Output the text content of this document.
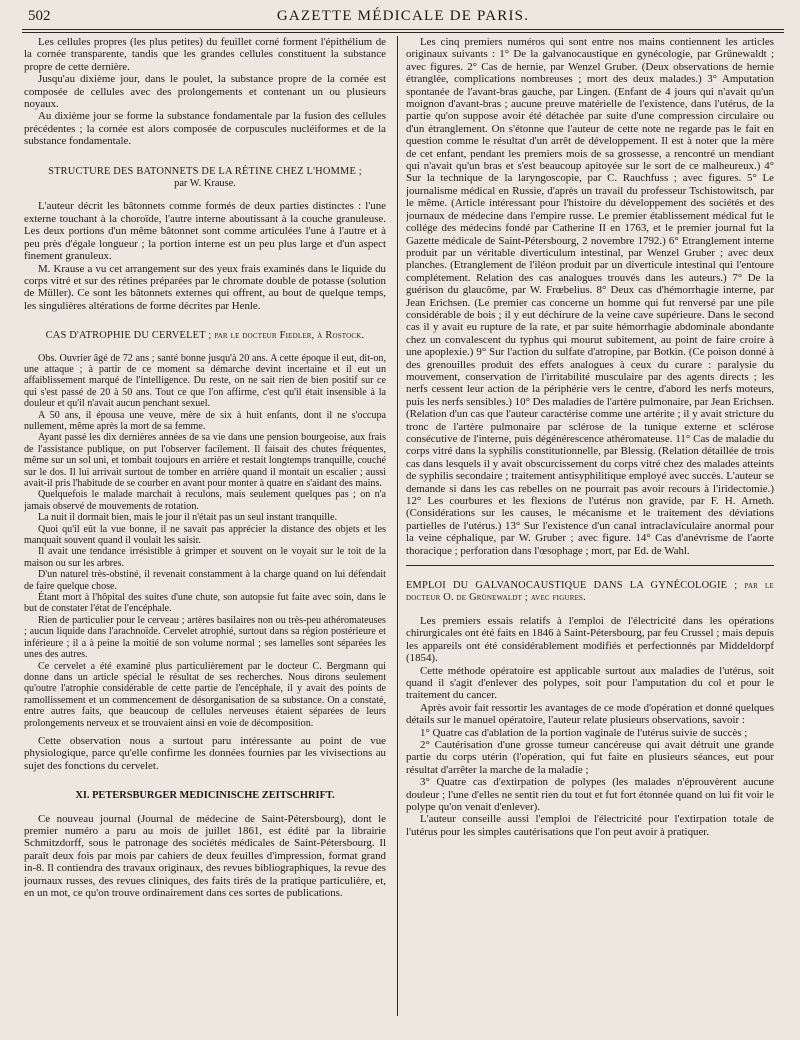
502	GAZETTE MÉDICALE DE PARIS.

Les cellules propres (les plus petites) du feuillet corné forment l'épithélium de la cornée transparente, tandis que les grandes cellules constituent la substance propre de cette dernière.

Jusqu'au dixième jour, dans le poulet, la substance propre de la cornée est composée de cellules avec des prolongements et contenant un ou plusieurs noyaux.

Au dixième jour se forme la substance fondamentale par la fusion des cellules précédentes ; la cornée est alors composée de corpuscules nucléiformes et de la substance fondamentale.

STRUCTURE DES BATONNETS DE LA RÉTINE CHEZ L'HOMME ;
par W. Krause.

L'auteur décrit les bâtonnets comme formés de deux parties distinctes : l'une externe touchant à la choroïde, l'autre interne aboutissant à la couche granuleuse. Les deux portions d'un même bâtonnet sont comme articulées l'une à l'autre et à peu près d'égale longueur ; la portion interne est un peu plus large et d'un aspect finement granuleux.

M. Krause a vu cet arrangement sur des yeux frais examinés dans le liquide du corps vitré et sur des rétines préparées par le chromate double de potasse (solution de Müller). Ce sont les bâtonnets externes qui offrent, au bout de quelque temps, les singulières altérations de forme décrites par Henle.

CAS D'ATROPHIE DU CERVELET ; par le docteur Fiedler, à Rostock.

Obs. Ouvrier âgé de 72 ans ; santé bonne jusqu'à 20 ans. A cette époque il eut, dit-on, une attaque ; à partir de ce moment sa démarche devint incertaine et il eut un affaiblissement marqué de l'intelligence. Du reste, on ne sait rien de bien positif sur ce qui s'est passé de 20 à 50 ans. Tout ce que l'on affirme, c'est qu'il était insensible à la douleur et qu'il n'avait aucun penchant sexuel.

A 50 ans, il épousa une veuve, mère de six à huit enfants, dont il ne s'occupa nullement, même après la mort de sa femme.

Ayant passé les dix dernières années de sa vie dans une pension bourgeoise, aux frais de l'assistance publique, on put l'observer facilement. Il faisait des chutes fréquentes, même sur un sol uni, et tombait toujours en arrière et restait longtemps tranquille, couché sur le dos. Il lui arrivait surtout de tomber en arrière quand il montait un escalier ; aussi avait-il pris l'habitude de se courber en avant pour monter à quatre en s'aidant des mains.

Quelquefois le malade marchait à reculons, mais seulement quelques pas ; on n'a jamais observé de mouvements de rotation.

La nuit il dormait bien, mais le jour il n'était pas un seul instant tranquille.

Quoi qu'il eût la vue bonne, il ne savait pas apprécier la distance des objets et les manquait souvent quand il voulait les saisir.

Il avait une tendance irrésistible à grimper et souvent on le voyait sur le toit de la maison ou sur les arbres.

D'un naturel très-obstiné, il revenait constamment à la charge quand on lui défendait de faire quelque chose.

Étant mort à l'hôpital des suites d'une chute, son autopsie fut faite avec soin, dans le but de constater l'état de l'encéphale.

Rien de particulier pour le cerveau ; artères basilaires non ou très-peu athéromateuses ; aucun liquide dans l'arachnoïde. Cervelet atrophié, surtout dans sa région postérieure et inférieure ; il a à peine la moitié de son volume normal ; ses lamelles sont séparées les unes des autres.

Ce cervelet a été examiné plus particulièrement par le docteur C. Bergmann qui donne dans un article spécial le résultat de ses recherches. Nous dirons seulement qu'outre l'atrophie considérable de cette partie de l'encéphale, il y avait des points de ramollissement et un commencement de désorganisation de sa substance. On a constaté, entre autres faits, que beaucoup de cellules nerveuses étaient séparées de leurs prolongements nerveux et se trouvaient ainsi en voie de décomposition.

Cette observation nous a surtout paru intéressante au point de vue physiologique, parce qu'elle confirme les données fournies par les vivisections au sujet des fonctions du cervelet.

XI. PETERSBURGER MEDICINISCHE ZEITSCHRIFT.

Ce nouveau journal (Journal de médecine de Saint-Pétersbourg), dont le premier numéro a paru au mois de juillet 1861, est édité par la librairie Schmitzdorff, sous le patronage des sociétés médicales de Saint-Pétersbourg. Il paraît deux fois par mois par cahiers de deux feuilles d'impression, format grand in-8. Il contiendra des travaux originaux, des revues bibliographiques, la revue des journaux russes, des revues cliniques, des faits tirés de la pratique particulière, et, en un mot, ce qu'on trouve ordinairement dans ces sortes de publications.

Les cinq premiers numéros qui sont entre nos mains contiennent les articles originaux suivants : 1° De la galvanocaustique en gynécologie, par Grünewaldt ; avec figures. 2° Cas de hernie, par Wenzel Gruber. (Deux observations de hernie étranglée, complications nombreuses ; mort des deux malades.) 3° Amputation spontanée de l'avant-bras gauche, par Lingen. (Enfant de 4 jours qui n'avait qu'un moignon d'avant-bras ; aucune preuve matérielle de l'existence, dans l'utérus, de la partie qu'on suppose avoir été détachée par suite d'une compression circulaire ou d'un étranglement. On s'étonne que l'auteur de cette note ne regarde pas le fait en question comme le résultat d'un arrêt de développement. Il est à noter que la mère de cet enfant, pendant les premiers mois de sa grossesse, a rencontré un mendiant qui n'avait qu'un bras et s'est beaucoup apitoyée sur le sort de ce malheureux.) 4° Sur la technique de la laryngoscopie, par C. Rauchfuss ; avec figures. 5° Le journalisme médical en Russie, d'après un travail du professeur Tschistowitsch, par le même. (Article intéressant pour l'histoire du développement des sociétés et des journaux de médecine dans l'empire russe. Le premier établissement médical fut le collége des médecins fondé par Catherine II en 1763, et le premier journal fut la Gazette médicale de Saint-Pétersbourg, 2 novembre 1792.) 6° Etranglement interne produit par un véritable diverticulum intestinal, par Wenzel Gruber ; avec deux planches. (Etranglement de l'iléon produit par un diverticule intestinal qui l'entoure complétement. Relation des cas analogues trouvés dans les auteurs.) 7° De la guérison du glaucôme, par W. Frœbelius. 8° Deux cas d'hémorrhagie interne, par Jean Erichsen. (Le premier cas concerne un homme qui fut renversé par une pile considérable de bois ; il y eut déchirure de la veine cave supérieure. Dans le second cas il y avait eu rupture de la rate, et par suite hémorrhagie abdominale abondante chez un convalescent du typhus qui mourut subitement, au point de faire croire à une apoplexie.) 9° Sur l'action du sulfate d'atropine, par Botkin. (Ce poison donné à des grenouilles produit des effets analogues à ceux du curare : paralysie du mouvement, conservation de l'irritabilité musculaire par des agents directs ; les nerfs cessent leur action de la périphérie vers le centre, d'abord les nerfs moteurs, puis les nerfs sensibles.) 10° Des maladies de l'artère pulmonaire, par Jean Erichsen. (Relation d'un cas que l'auteur caractérise comme une artérite ; il y avait stricture du tronc de l'artère pulmonaire par sclérose de la tunique externe et sclérose consécutive de l'interne, puis dégénérescence athéromateuse. 11° Cas de maladie du corps vitré dans la syphilis constitutionnelle, par Blessig. (Relation détaillée de trois cas dans lesquels il y avait obscurcissement du corps vitré chez des malades atteints de syphilis secondaire ; traitement antisyphilitique employé avec succès. L'auteur se demande si dans les cas rebelles on ne pourrait pas avoir recours à l'iridectomie.) 12° Les courbures et les flexions de l'utérus non gravide, par F. H. Arneth. (Considérations sur les causes, le mécanisme et le traitement des déviations partielles de l'utérus.) 13° Sur l'existence d'un canal intraclaviculaire anormal pour la veine céphalique, par W. Gruber ; avec figure. 14° Cas d'anévrisme de l'aorte thoracique ; perforation dans l'œsophage ; mort, par Ed. de Wahl.

EMPLOI DU GALVANOCAUSTIQUE DANS LA GYNÉCOLOGIE ; par le docteur O. de Grünewaldt ; avec figures.

Les premiers essais relatifs à l'emploi de l'électricité dans les opérations chirurgicales ont été faits en 1846 à Saint-Pétersbourg, par feu Crussel ; mais depuis les appareils ont été considérablement modifiés et perfectionnés par Middeldorpf (1854).

Cette méthode opératoire est applicable surtout aux maladies de l'utérus, soit quand il s'agit d'enlever des polypes, soit pour l'amputation du col et pour le traitement du cancer.

Après avoir fait ressortir les avantages de ce mode d'opération et donné quelques détails sur le manuel opératoire, l'auteur relate plusieurs observations, savoir :

1° Quatre cas d'ablation de la portion vaginale de l'utérus suivie de succès ;

2° Cautérisation d'une grosse tumeur cancéreuse qui avait détruit une grande partie du corps utérin (l'opération, qui fut faite en plusieurs séances, eut pour résultat d'arrêter la marche de la maladie ;

3° Quatre cas d'extirpation de polypes (les malades n'éprouvèrent aucune douleur ; l'une d'elles ne sentit rien du tout et fut fort étonnée quand on lui fit voir le polype qu'on venait d'enlever).

L'auteur conseille aussi l'emploi de l'électricité pour l'extirpation totale de l'utérus pour les simples cautérisations que l'on peut avoir à pratiquer.
